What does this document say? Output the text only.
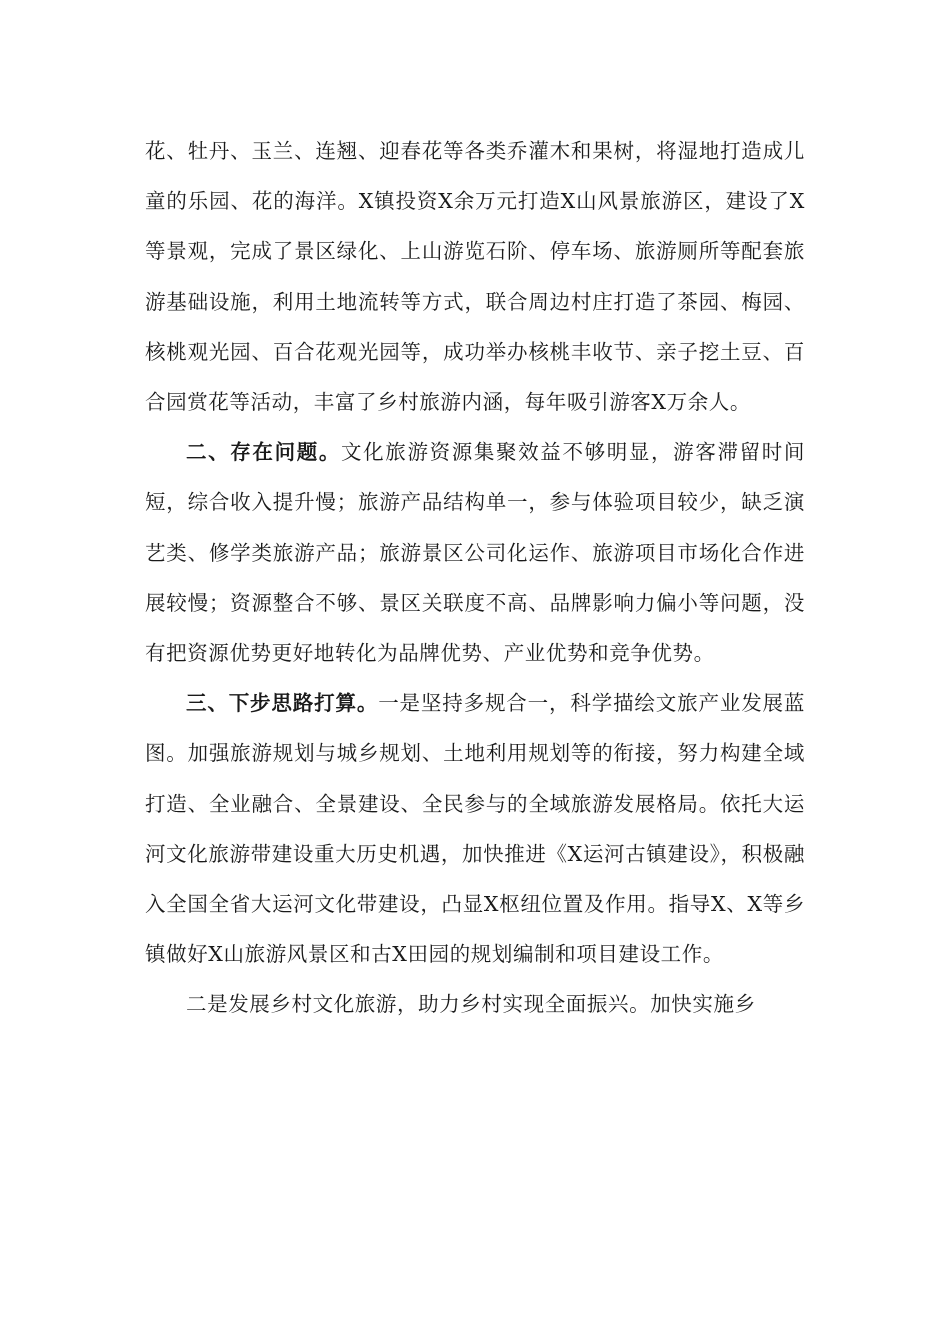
花、牡丹、玉兰、连翘、迎春花等各类乔灌木和果树，将湿地打造成儿童的乐园、花的海洋。X镇投资X余万元打造X山风景旅游区，建设了X等景观，完成了景区绿化、上山游览石阶、停车场、旅游厕所等配套旅游基础设施，利用土地流转等方式，联合周边村庄打造了茶园、梅园、核桃观光园、百合花观光园等，成功举办核桃丰收节、亲子挖土豆、百合园赏花等活动，丰富了乡村旅游内涵，每年吸引游客X万余人。

二、存在问题。文化旅游资源集聚效益不够明显，游客滞留时间短，综合收入提升慢；旅游产品结构单一，参与体验项目较少，缺乏演艺类、修学类旅游产品；旅游景区公司化运作、旅游项目市场化合作进展较慢；资源整合不够、景区关联度不高、品牌影响力偏小等问题，没有把资源优势更好地转化为品牌优势、产业优势和竞争优势。

三、下步思路打算。一是坚持多规合一，科学描绘文旅产业发展蓝图。加强旅游规划与城乡规划、土地利用规划等的衔接，努力构建全域打造、全业融合、全景建设、全民参与的全域旅游发展格局。依托大运河文化旅游带建设重大历史机遇，加快推进《X运河古镇建设》，积极融入全国全省大运河文化带建设，凸显X枢纽位置及作用。指导X、X等乡镇做好X山旅游风景区和古X田园的规划编制和项目建设工作。

二是发展乡村文化旅游，助力乡村实现全面振兴。加快实施乡
